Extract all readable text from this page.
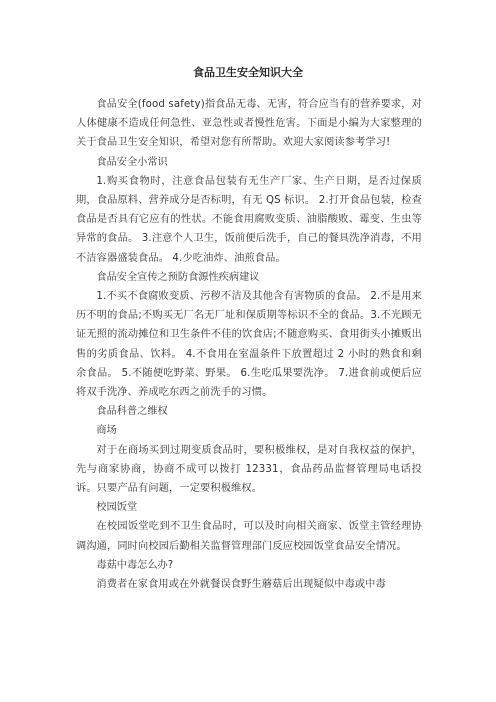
食品卫生安全知识大全

食品安全(food safety)指食品无毒、无害，符合应当有的营养要求，对人体健康不造成任何急性、亚急性或者慢性危害。下面是小编为大家整理的关于食品卫生安全知识，希望对您有所帮助。欢迎大家阅读参考学习!

食品安全小常识

1.购买食物时，注意食品包装有无生产厂家、生产日期，是否过保质期，食品原料、营养成分是否标明，有无 QS 标识。 2.打开食品包装，检查食品是否具有它应有的性状。不能食用腐败变质、油脂酸败、霉变、生虫等异常的食品。 3.注意个人卫生，饭前便后洗手，自己的餐具洗净消毒，不用不洁容器盛装食品。 4.少吃油炸、油煎食品。

食品安全宣传之预防食源性疾病建议

1.不买不食腐败变质、污秽不洁及其他含有害物质的食品。 2.不是用来历不明的食品;不购买无厂名无厂址和保质期等标识不全的食品。3.不光顾无证无照的流动摊位和卫生条件不佳的饮食店;不随意购买、食用街头小摊贩出售的劣质食品、饮料。 4.不食用在室温条件下放置超过 2 小时的熟食和剩余食品。 5.不随便吃野菜、野果。 6.生吃瓜果要洗净。 7.进食前或便后应将双手洗净、养成吃东西之前洗手的习惯。

食品科普之维权

商场

对于在商场买到过期变质食品时，要积极维权，是对自我权益的保护，先与商家协商，协商不成可以拨打 12331，食品药品监督管理局电话投诉。只要产品有问题，一定要积极维权。

校园饭堂

在校园饭堂吃到不卫生食品时，可以及时向相关商家、饭堂主管经理协调沟通，同时向校园后勤相关监督管理部门反应校园饭堂食品安全情况。

毒菇中毒怎么办?

消费者在家食用或在外就餐误食野生蘑菇后出现疑似中毒或中毒
